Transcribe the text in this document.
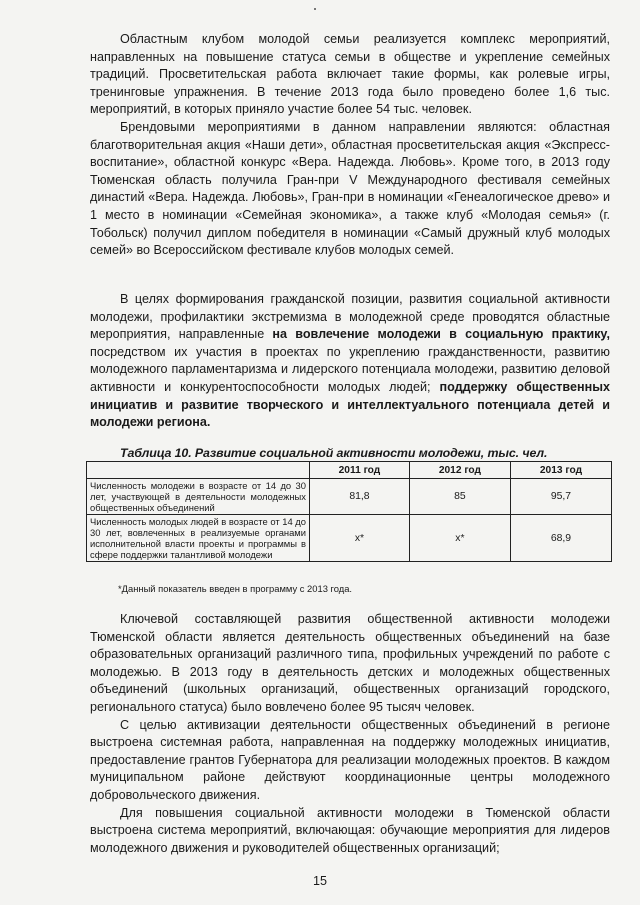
Областным клубом молодой семьи реализуется комплекс мероприятий, направленных на повышение статуса семьи в обществе и укрепление семейных традиций. Просветительская работа включает такие формы, как ролевые игры, тренинговые упражнения. В течение 2013 года было проведено более 1,6 тыс. мероприятий, в которых приняло участие более 54 тыс. человек.

Брендовыми мероприятиями в данном направлении являются: областная благотворительная акция «Наши дети», областная просветительская акция «Экспресс-воспитание», областной конкурс «Вера. Надежда. Любовь». Кроме того, в 2013 году Тюменская область получила Гран-при V Международного фестиваля семейных династий «Вера. Надежда. Любовь», Гран-при в номинации «Генеалогическое древо» и 1 место в номинации «Семейная экономика», а также клуб «Молодая семья» (г. Тобольск) получил диплом победителя в номинации «Самый дружный клуб молодых семей» во Всероссийском фестивале клубов молодых семей.

В целях формирования гражданской позиции, развития социальной активности молодежи, профилактики экстремизма в молодежной среде проводятся областные мероприятия, направленные на вовлечение молодежи в социальную практику, посредством их участия в проектах по укреплению гражданственности, развитию молодежного парламентаризма и лидерского потенциала молодежи, развитию деловой активности и конкурентоспособности молодых людей; поддержку общественных инициатив и развитие творческого и интеллектуального потенциала детей и молодежи региона.

Таблица 10. Развитие социальной активности молодежи, тыс. чел.
	2011 год	2012 год	2013 год
Численность молодежи в возрасте от 14 до 30 лет, участвующей в деятельности молодежных общественных объединений	81,8	85	95,7
Численность молодых людей в возрасте от 14 до 30 лет, вовлеченных в реализуемые органами исполнительной власти проекты и программы в сфере поддержки талантливой молодежи	х*	х*	68,9
*Данный показатель введен в программу с 2013 года.

Ключевой составляющей развития общественной активности молодежи Тюменской области является деятельность общественных объединений на базе образовательных организаций различного типа, профильных учреждений по работе с молодежью. В 2013 году в деятельность детских и молодежных общественных объединений (школьных организаций, общественных организаций городского, регионального статуса) было вовлечено более 95 тысяч человек.

С целью активизации деятельности общественных объединений в регионе выстроена системная работа, направленная на поддержку молодежных инициатив, предоставление грантов Губернатора для реализации молодежных проектов. В каждом муниципальном районе действуют координационные центры молодежного добровольческого движения.

Для повышения социальной активности молодежи в Тюменской области выстроена система мероприятий, включающая: обучающие мероприятия для лидеров молодежного движения и руководителей общественных организаций;

15
